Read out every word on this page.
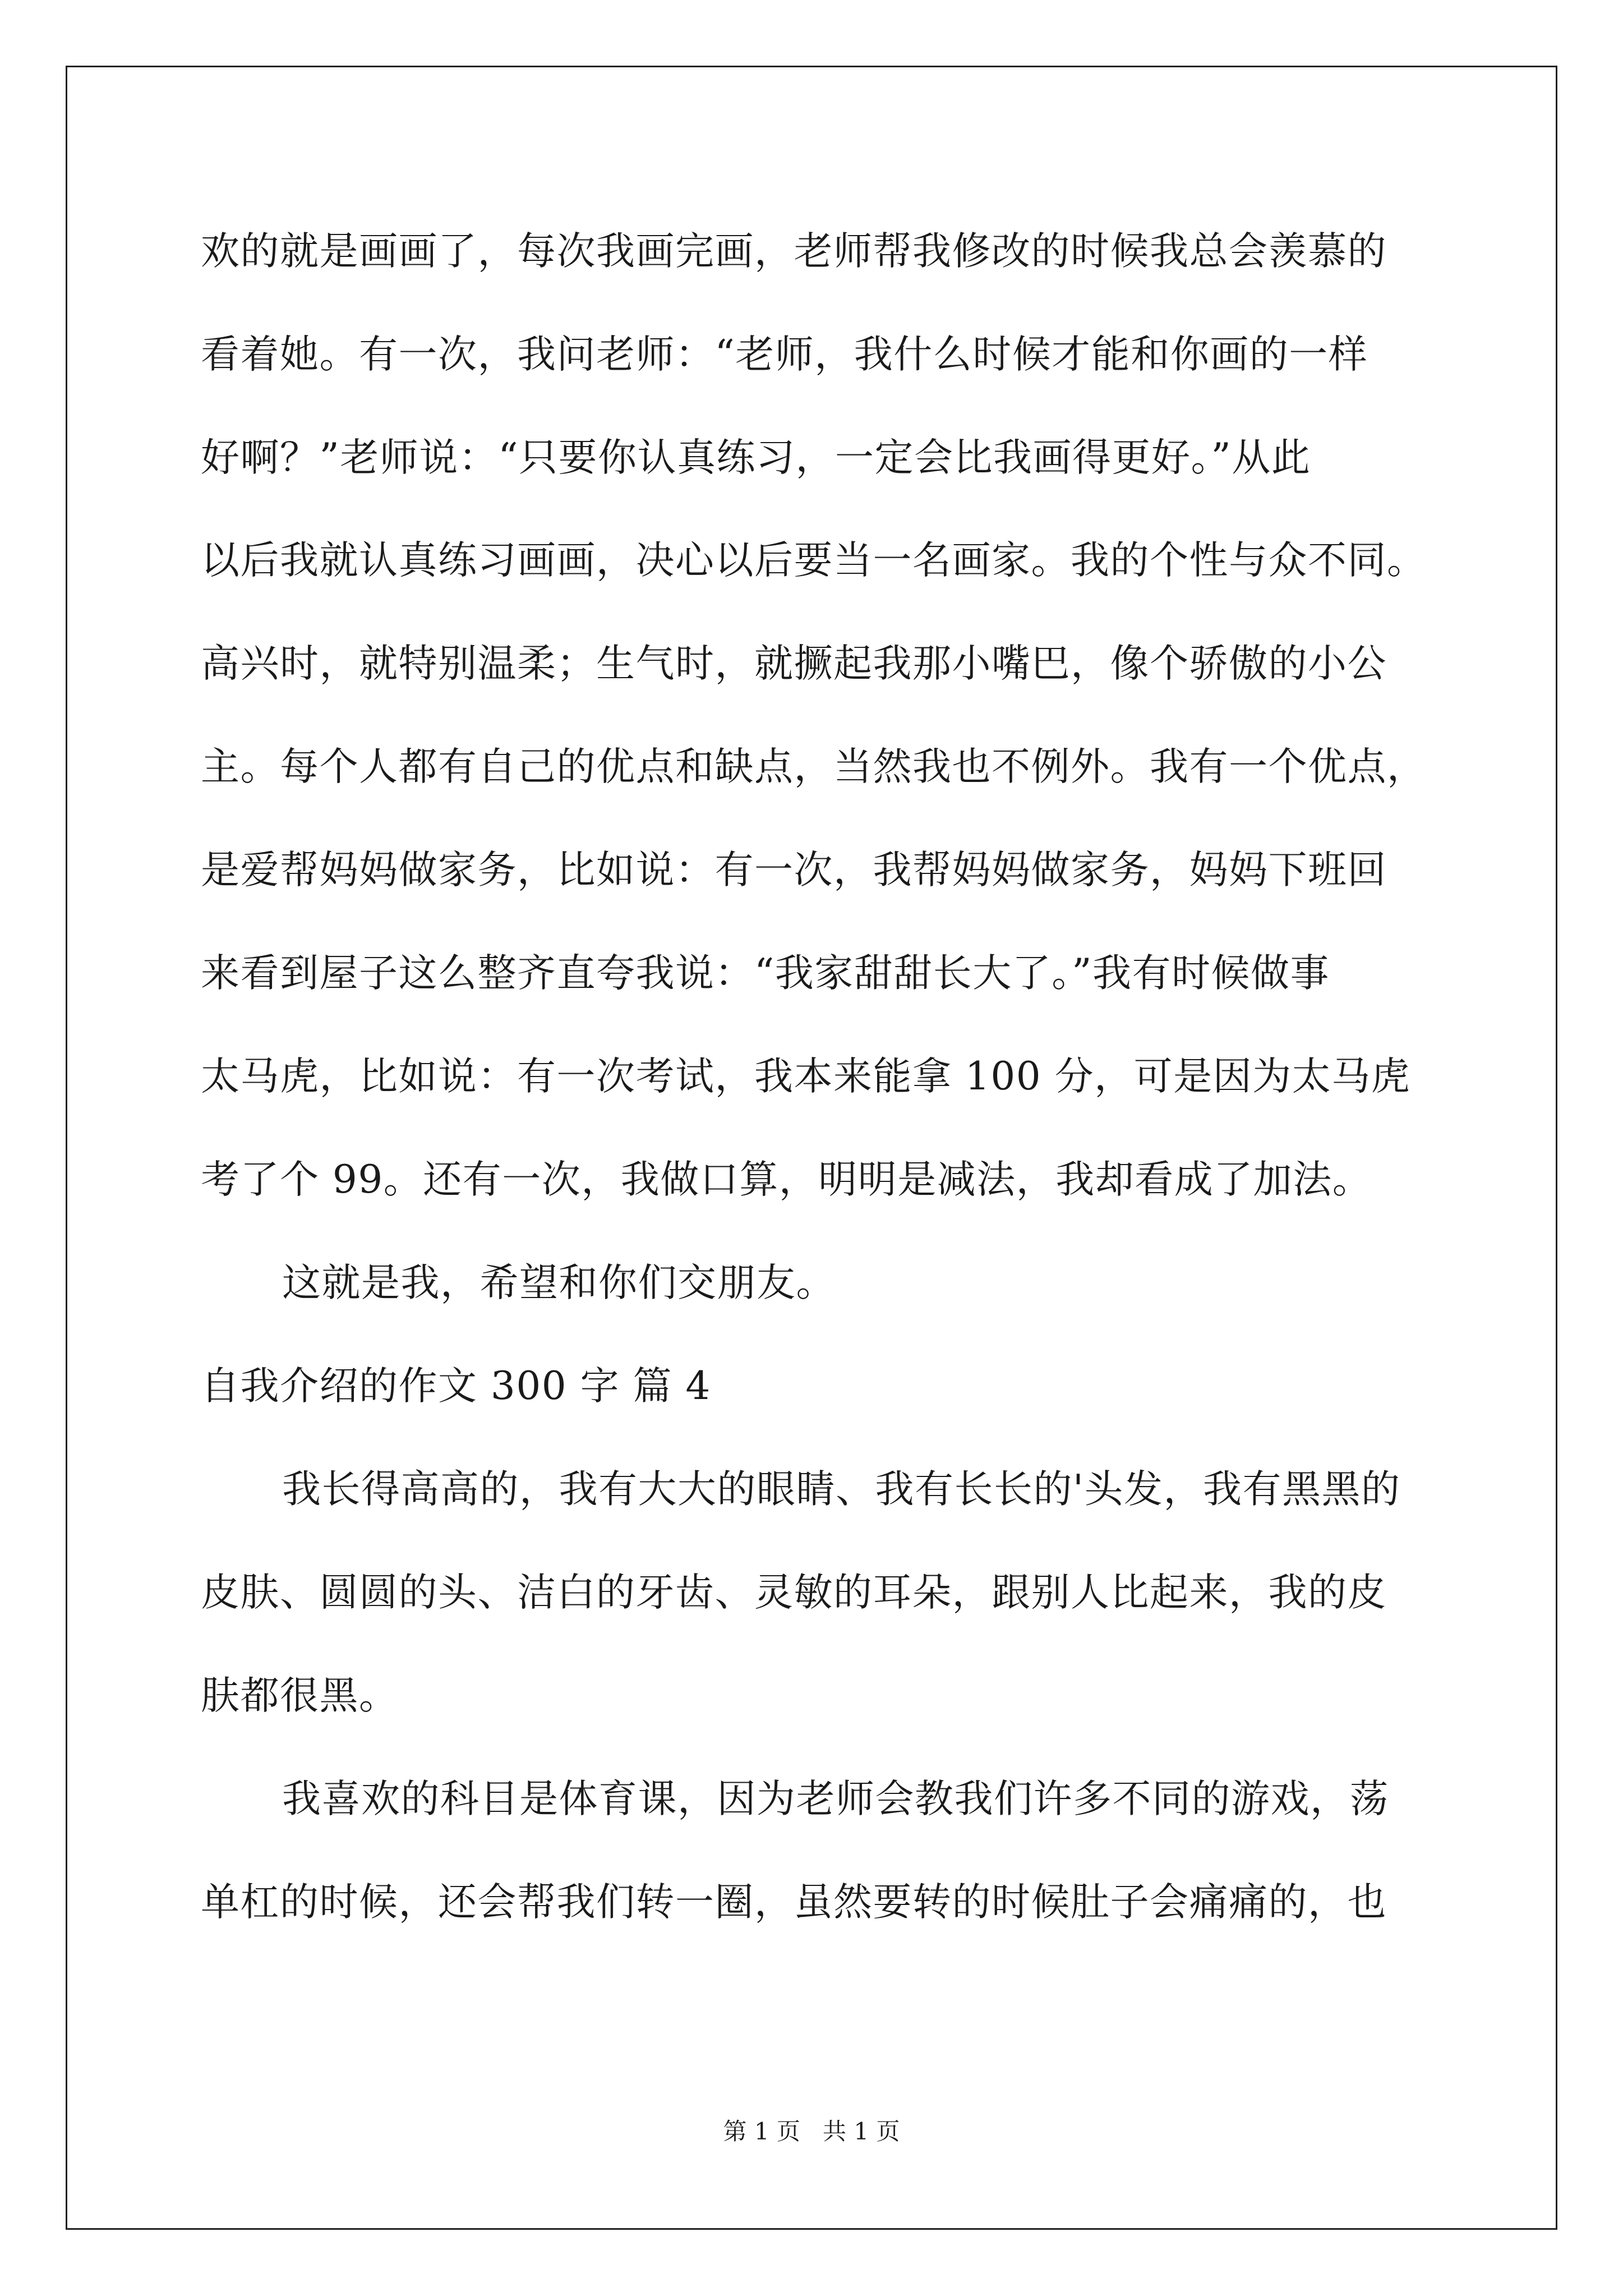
欢的就是画画了，每次我画完画，老师帮我修改的时候我总会羡慕的

看着她。有一次，我问老师：“老师，我什么时候才能和你画的一样

好啊？”老师说：“只要你认真练习，一定会比我画得更好。”从此

以后我就认真练习画画，决心以后要当一名画家。我的个性与众不同。

高兴时，就特别温柔；生气时，就撅起我那小嘴巴，像个骄傲的小公

主。每个人都有自己的优点和缺点，当然我也不例外。我有一个优点，

是爱帮妈妈做家务，比如说：有一次，我帮妈妈做家务，妈妈下班回

来看到屋子这么整齐直夸我说：“我家甜甜长大了。”我有时候做事

太马虎，比如说：有一次考试，我本来能拿 100 分，可是因为太马虎

考了个 99。还有一次，我做口算，明明是减法，我却看成了加法。

这就是我，希望和你们交朋友。

自我介绍的作文 300 字 篇 4

我长得高高的，我有大大的眼睛、我有长长的'头发，我有黑黑的

皮肤、圆圆的头、洁白的牙齿、灵敏的耳朵，跟别人比起来，我的皮

肤都很黑。

我喜欢的科目是体育课，因为老师会教我们许多不同的游戏，荡

单杠的时候，还会帮我们转一圈，虽然要转的时候肚子会痛痛的，也

第 1 页   共 1 页
